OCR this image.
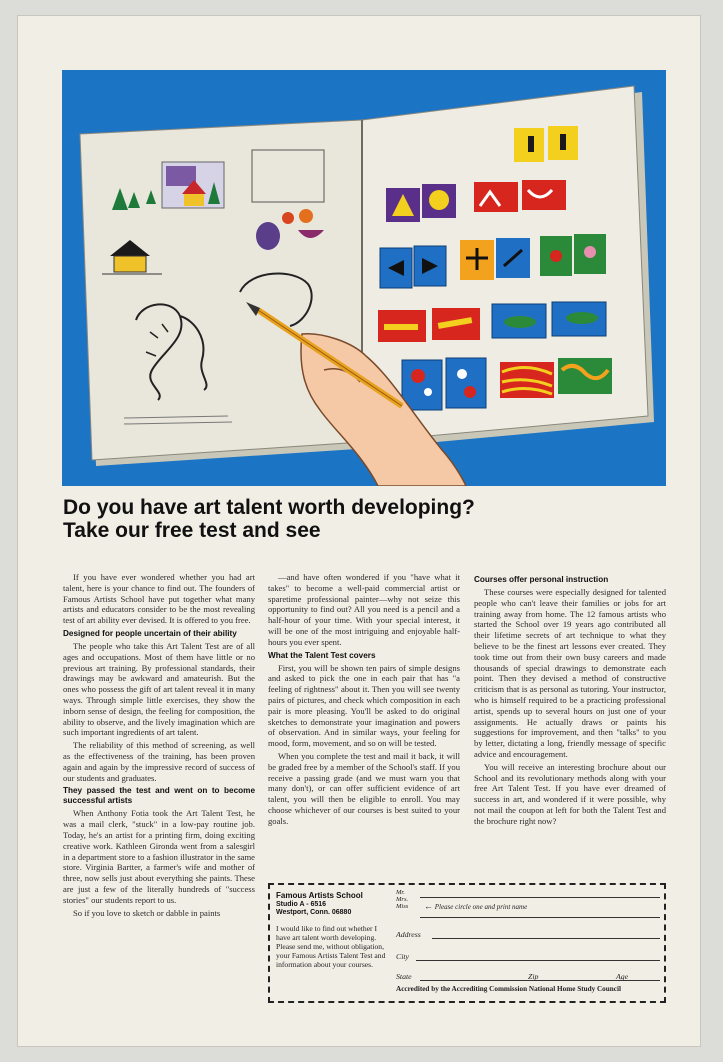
Do you have art talent worth developing?
Take our free test and see

If you have ever wondered whether you had art talent, here is your chance to find out. The founders of Famous Artists School have put together what many artists and educators consider to be the most revealing test of art ability ever devised. It is offered to you free.

Designed for people uncertain of their ability

The people who take this Art Talent Test are of all ages and occupations. Most of them have little or no previous art training. By professional standards, their drawings may be awkward and amateurish. But the ones who possess the gift of art talent reveal it in many ways. Through simple little exercises, they show the inborn sense of design, the feeling for composition, the ability to observe, and the lively imagination which are such important ingredients of art talent.

The reliability of this method of screening, as well as the effectiveness of the training, has been proven again and again by the impressive record of success of our students and graduates.

They passed the test and went on to become successful artists

When Anthony Fotia took the Art Talent Test, he was a mail clerk, "stuck" in a low-pay routine job. Today, he's an artist for a printing firm, doing exciting creative work. Kathleen Gironda went from a salesgirl in a department store to a fashion illustrator in the same store. Virginia Bartter, a farmer's wife and mother of three, now sells just about everything she paints. These are just a few of the literally hundreds of "success stories" our students report to us.

So if you love to sketch or dabble in paints

—and have often wondered if you "have what it takes" to become a well-paid commercial artist or sparetime professional painter—why not seize this opportunity to find out? All you need is a pencil and a half-hour of your time. With your special interest, it will be one of the most intriguing and enjoyable half-hours you ever spent.

What the Talent Test covers

First, you will be shown ten pairs of simple designs and asked to pick the one in each pair that has "a feeling of rightness" about it. Then you will see twenty pairs of pictures, and check which composition in each pair is more pleasing. You'll be asked to do original sketches to demonstrate your imagination and powers of observation. And in similar ways, your feeling for mood, form, movement, and so on will be tested.

When you complete the test and mail it back, it will be graded free by a member of the School's staff. If you receive a passing grade (and we must warn you that many don't), or can offer sufficient evidence of art talent, you will then be eligible to enroll. You may choose whichever of our courses is best suited to your goals.

Courses offer personal instruction

These courses were especially designed for talented people who can't leave their families or jobs for art training away from home. The 12 famous artists who started the School over 19 years ago contributed all their lifetime secrets of art technique to what they believe to be the finest art lessons ever created. They took time out from their own busy careers and made thousands of special drawings to demonstrate each point. Then they devised a method of constructive criticism that is as personal as tutoring. Your instructor, who is himself required to be a practicing professional artist, spends up to several hours on just one of your assignments. He actually draws or paints his suggestions for improvement, and then "talks" to you by letter, dictating a long, friendly message of specific advice and encouragement.

You will receive an interesting brochure about our School and its revolutionary methods along with your free Art Talent Test. If you have ever dreamed of success in art, and wondered if it were possible, why not mail the coupon at left for both the Talent Test and the brochure right now?

Famous Artists School
Studio A - 6516
Westport, Conn. 06880
I would like to find out whether I have art talent worth developing. Please send me, without obligation, your Famous Artists Talent Test and information about your courses.
Mr.
Mrs.
Miss ← Please circle one and print name
Address
City
State	Zip	Age
Accredited by the Accrediting Commission National Home Study Council
